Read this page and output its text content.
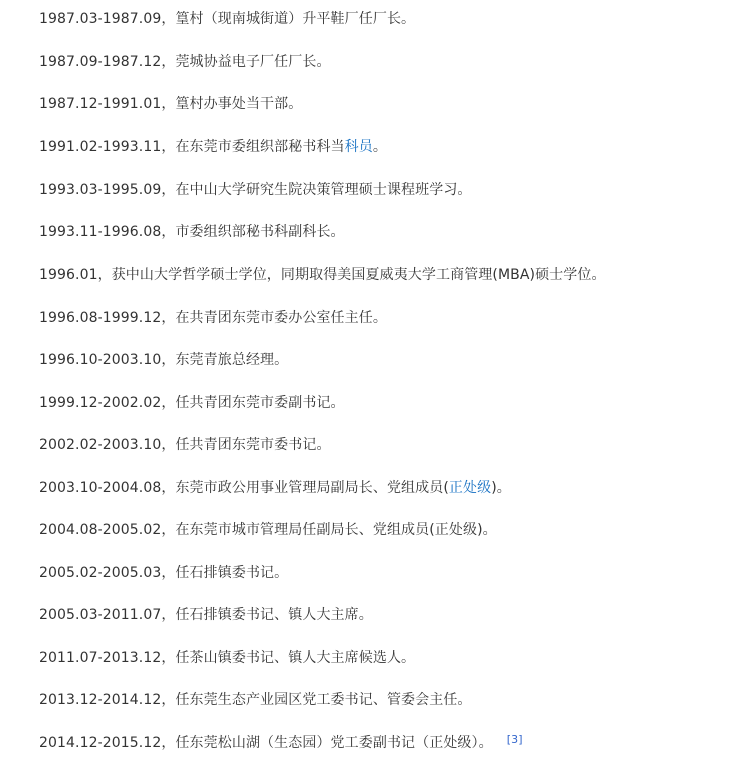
1987.03-1987.09，篁村（现南城街道）升平鞋厂任厂长。

1987.09-1987.12，莞城协益电子厂任厂长。

1987.12-1991.01，篁村办事处当干部。

1991.02-1993.11，在东莞市委组织部秘书科当科员。

1993.03-1995.09，在中山大学研究生院决策管理硕士课程班学习。

1993.11-1996.08，市委组织部秘书科副科长。

1996.01，获中山大学哲学硕士学位，同期取得美国夏威夷大学工商管理(MBA)硕士学位。

1996.08-1999.12，在共青团东莞市委办公室任主任。

1996.10-2003.10，东莞青旅总经理。

1999.12-2002.02，任共青团东莞市委副书记。

2002.02-2003.10，任共青团东莞市委书记。

2003.10-2004.08，东莞市政公用事业管理局副局长、党组成员(正处级)。

2004.08-2005.02，在东莞市城市管理局任副局长、党组成员(正处级)。

2005.02-2005.03，任石排镇委书记。

2005.03-2011.07，任石排镇委书记、镇人大主席。

2011.07-2013.12，任茶山镇委书记、镇人大主席候选人。

2013.12-2014.12，任东莞生态产业园区党工委书记、管委会主任。

2014.12-2015.12，任东莞松山湖（生态园）党工委副书记（正处级）。 [3]
